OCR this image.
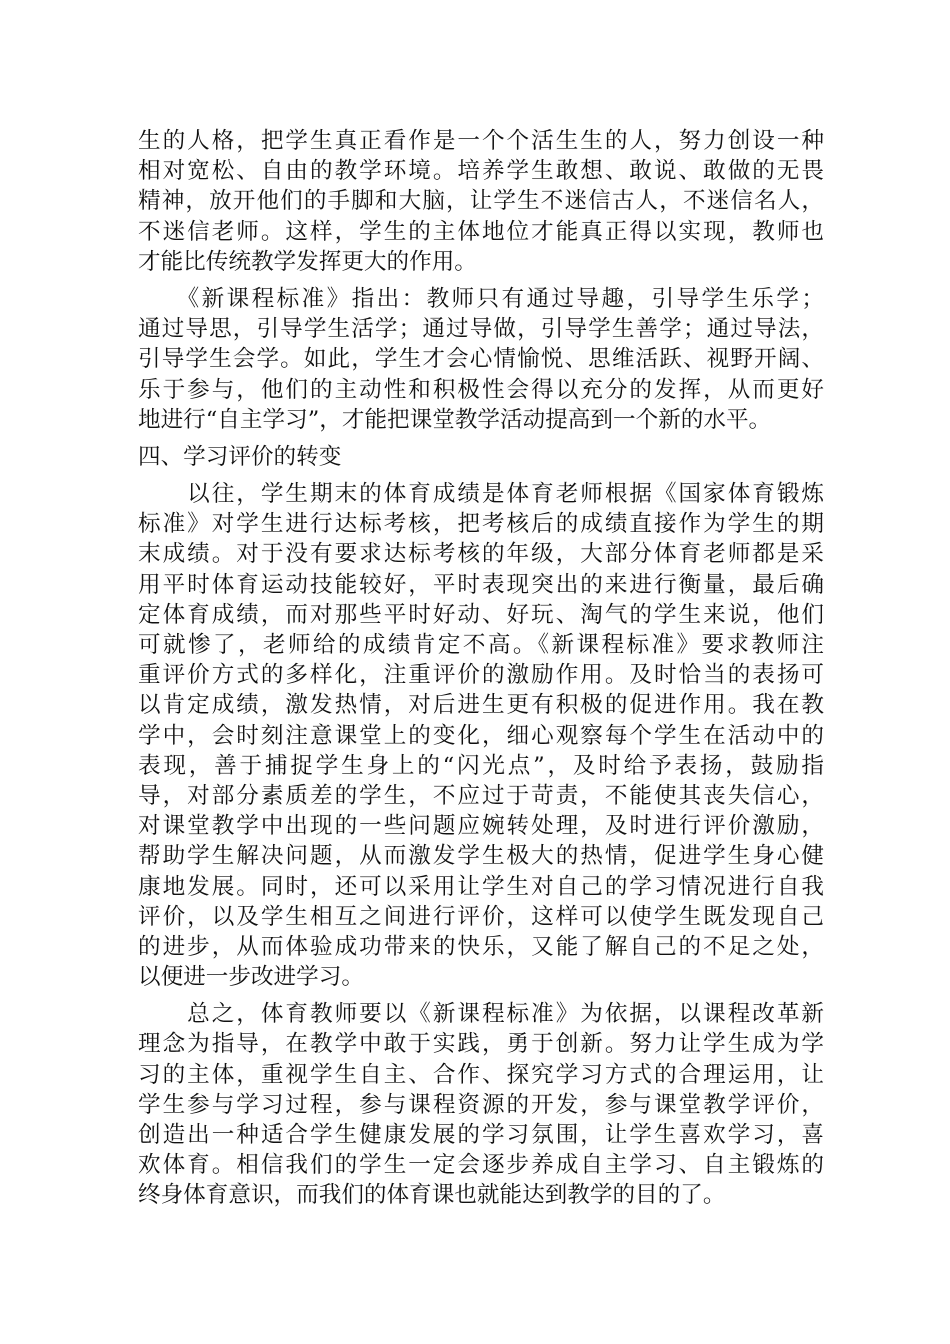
生的人格，把学生真正看作是一个个活生生的人，努力创设一种
相对宽松、自由的教学环境。培养学生敢想、敢说、敢做的无畏
精神，放开他们的手脚和大脑，让学生不迷信古人，不迷信名人，
不迷信老师。这样，学生的主体地位才能真正得以实现，教师也
才能比传统教学发挥更大的作用。
　　《新课程标准》指出：教师只有通过导趣，引导学生乐学；
通过导思，引导学生活学；通过导做，引导学生善学；通过导法，
引导学生会学。如此，学生才会心情愉悦、思维活跃、视野开阔、
乐于参与，他们的主动性和积极性会得以充分的发挥，从而更好
地进行“自主学习”，才能把课堂教学活动提高到一个新的水平。
四、学习评价的转变
　　以往，学生期末的体育成绩是体育老师根据《国家体育锻炼
标准》对学生进行达标考核，把考核后的成绩直接作为学生的期
末成绩。对于没有要求达标考核的年级，大部分体育老师都是采
用平时体育运动技能较好，平时表现突出的来进行衡量，最后确
定体育成绩，而对那些平时好动、好玩、淘气的学生来说，他们
可就惨了，老师给的成绩肯定不高。《新课程标准》要求教师注
重评价方式的多样化，注重评价的激励作用。及时恰当的表扬可
以肯定成绩，激发热情，对后进生更有积极的促进作用。我在教
学中，会时刻注意课堂上的变化，细心观察每个学生在活动中的
表现，善于捕捉学生身上的“闪光点”，及时给予表扬，鼓励指
导，对部分素质差的学生，不应过于苛责，不能使其丧失信心，
对课堂教学中出现的一些问题应婉转处理，及时进行评价激励，
帮助学生解决问题，从而激发学生极大的热情，促进学生身心健
康地发展。同时，还可以采用让学生对自己的学习情况进行自我
评价，以及学生相互之间进行评价，这样可以使学生既发现自己
的进步，从而体验成功带来的快乐，又能了解自己的不足之处，
以便进一步改进学习。
　　总之，体育教师要以《新课程标准》为依据，以课程改革新
理念为指导，在教学中敢于实践，勇于创新。努力让学生成为学
习的主体，重视学生自主、合作、探究学习方式的合理运用，让
学生参与学习过程，参与课程资源的开发，参与课堂教学评价，
创造出一种适合学生健康发展的学习氛围，让学生喜欢学习，喜
欢体育。相信我们的学生一定会逐步养成自主学习、自主锻炼的
终身体育意识，而我们的体育课也就能达到教学的目的了。
